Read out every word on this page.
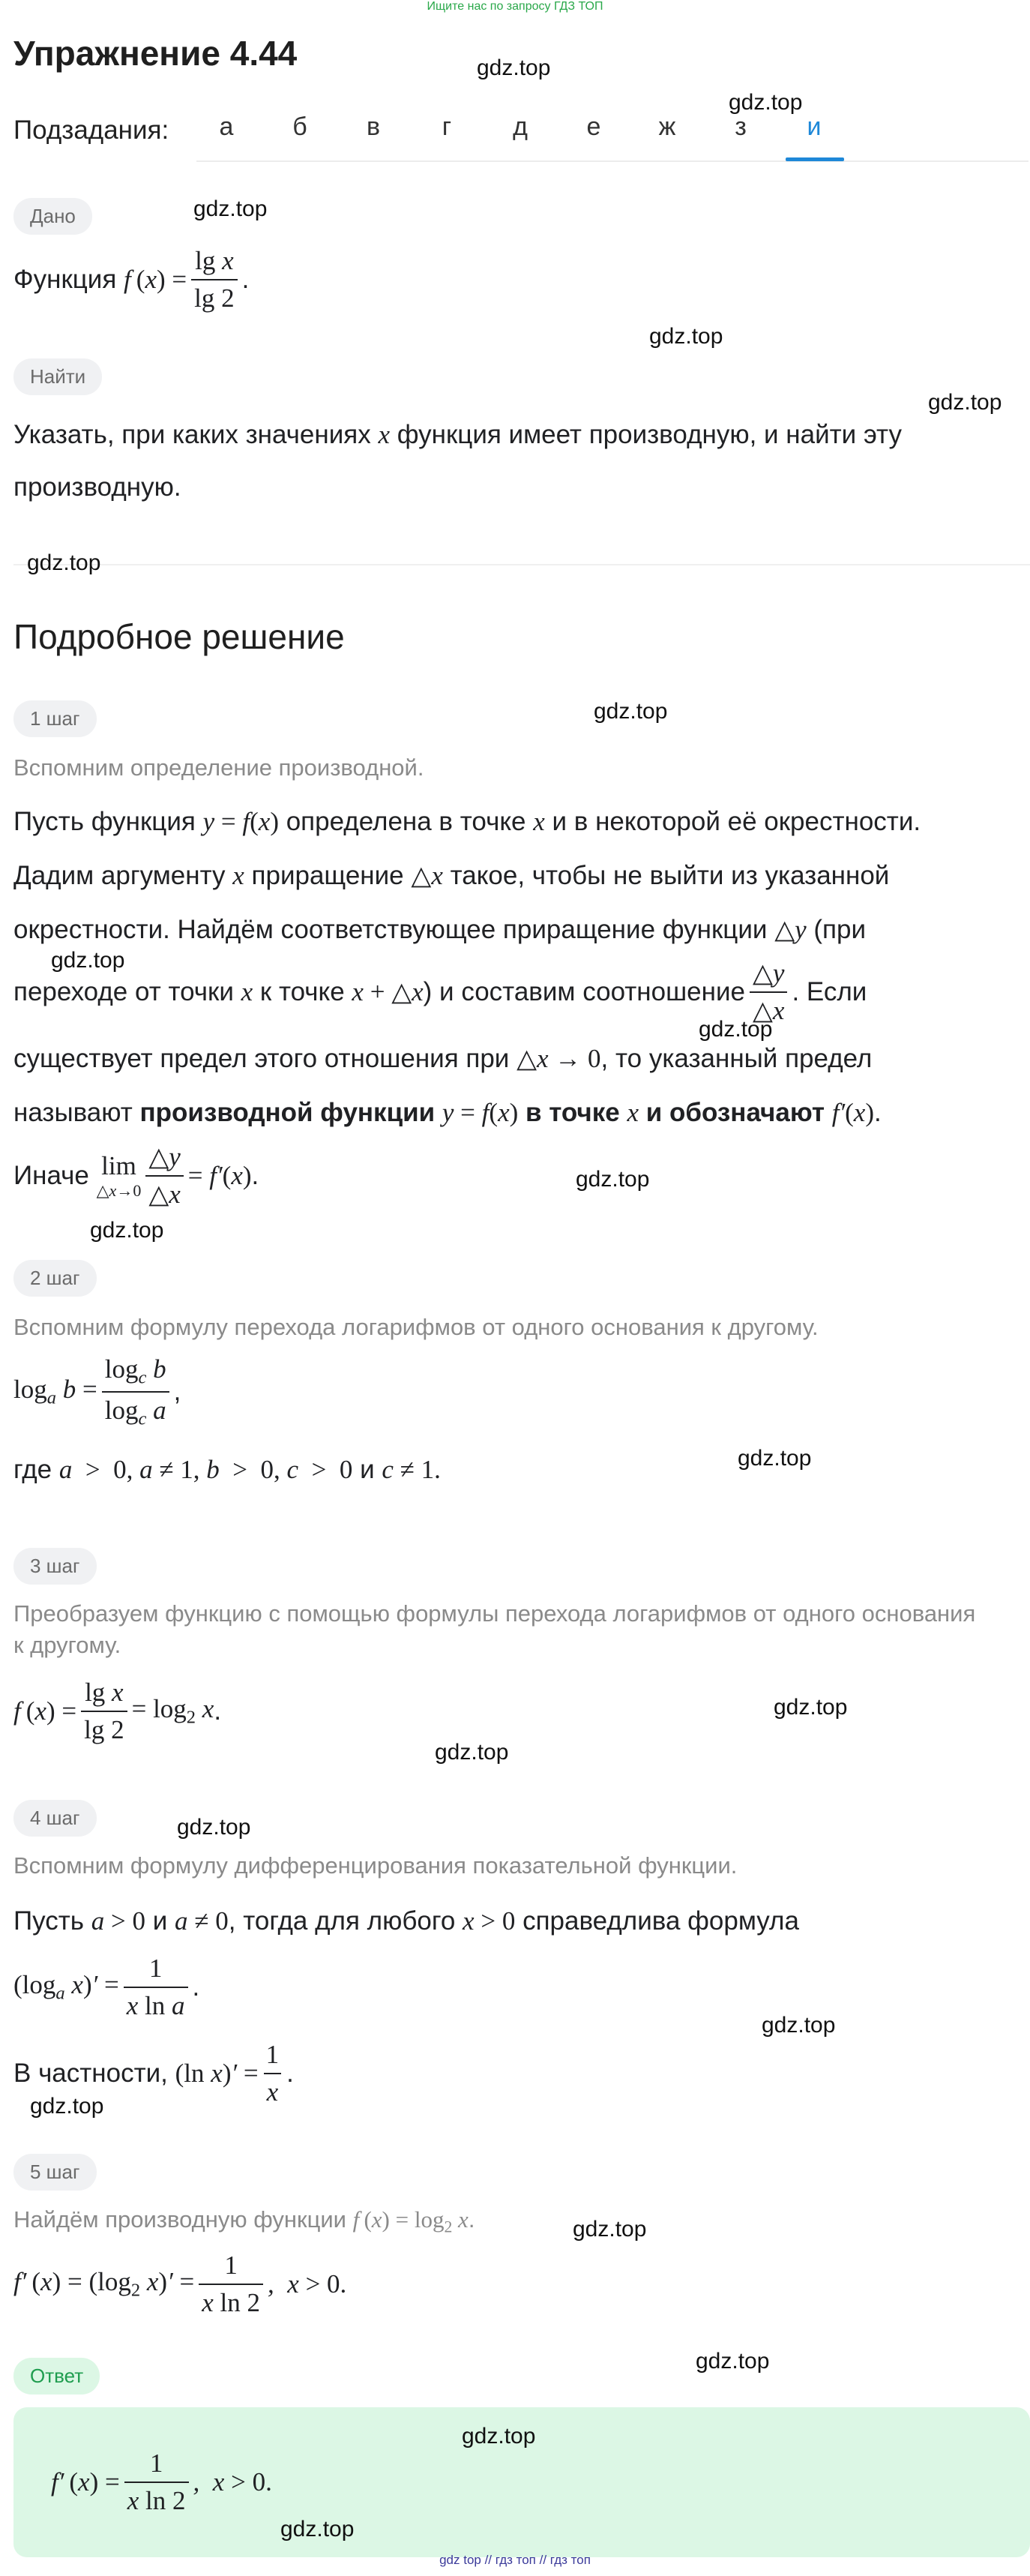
Ищите нас по запросу ГДЗ ТОП
Упражнение 4.44
Подзадания:	а	б	в	г	д	е	ж	з	и
Дано
Функция
f $(x) = \frac{\text{lg x}}{\lg 2}$ .
Найти
Указать, при каких значениях x функция имеет производную, и найти эту
производную.
Подробное решение
1 шаг
Вспомним определение производной.
Пусть функция y = f(x) определена в точке x и в некоторой её окрестности.
Дадим аргументу x приращение △x такое, чтобы не выйти из указанной
окрестности. Найдём соответствующее приращение функции △y (при
переходе от точки
x
к точке
x + △x ) и составим соотношение $\frac{\triangle y}{\triangle x}$ . Если
существует предел этого отношения при △x → 0, то указанный предел
называют производной функции y = f(x) в точке x и обозначают f′(x).
Иначе
lim
△x→0 $\frac{\triangle y}{\triangle x} = f'(x)$ .
2 шаг
Вспомним формулу перехода логарифмов от одного основания к другому.
$\log_a b = \frac{\log_c b}{\log_c a}$ ,
где a  >  0, a ≠ 1, b  >  0, c  >  0 и c ≠ 1.
3 шаг
Преобразуем функцию с помощью формулы перехода логарифмов от одного основания
к другому.
f $(x) = \frac{\text{lg x}}{\lg 2} = \log_2 x$ .
4 шаг
Вспомним формулу дифференцирования показательной функции.
Пусть a > 0 и a ≠ 0, тогда для любого x > 0 справедлива формула
($\log_a$ $x)' = \frac{1}{\text{x ln a}}$ .
В частности,
(ln $x)' = \frac{1}{x}$ .
5 шаг
Найдём производную функции f $(x) = \log_2 x$.
f′ $(x) = (\log_2$ $x)' = \frac{1}{\text{x ln 2}}$ ,  x > 0.
Ответ
f′ $(x) = \frac{1}{\text{x ln 2}}$ ,  x > 0.
gdz.top
gdz.top
gdz.top
gdz.top
gdz.top
gdz.top
gdz.top
gdz.top
gdz.top
gdz.top
gdz.top
gdz.top
gdz.top
gdz.top
gdz.top
gdz.top
gdz.top
gdz.top
gdz.top
gdz.top
gdz.top
gdz top // гдз топ // гдз топ
